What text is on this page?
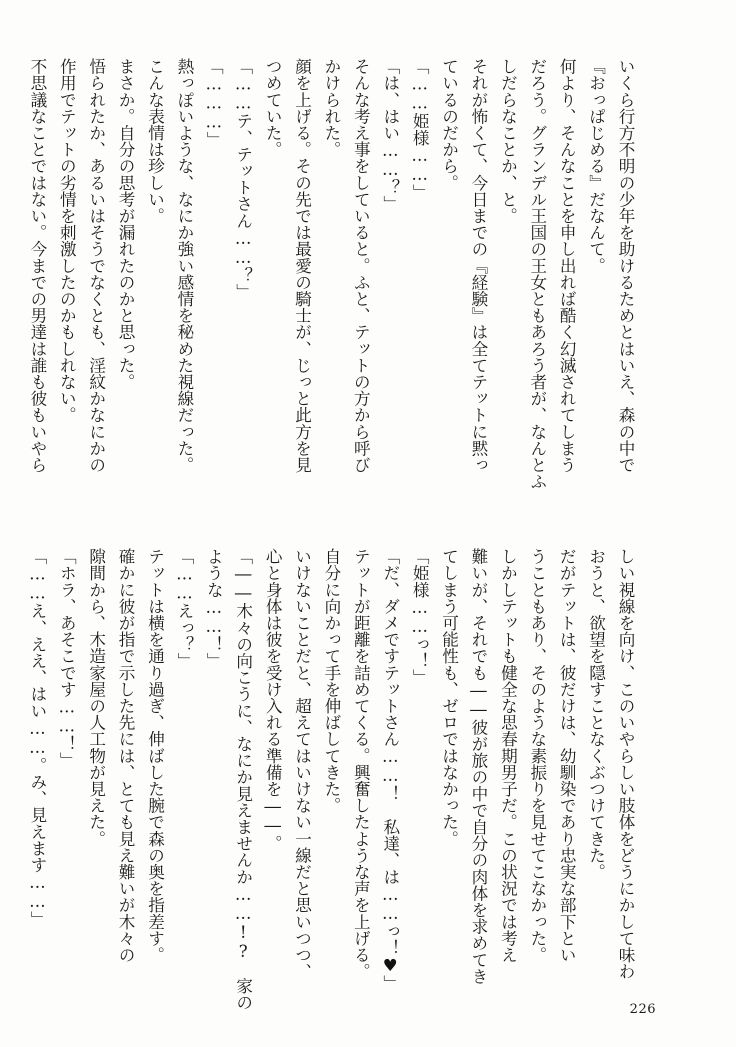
いくら行方不明の少年を助けるためとはいえ、森の中で
『おっぱじめる』だなんて。
何より、そんなことを申し出れば酷く幻滅されてしまう
だろう。グランデル王国の王女ともあろう者が、なんとふ
しだらなことか、と。
それが怖くて、今日までの『経験』は全てテットに黙っ
ているのだから。
「……姫様……」
「は、はい……？」
そんな考え事をしていると。ふと、テットの方から呼び
かけられた。
顔を上げる。その先では最愛の騎士が、じっと此方を見
つめていた。
「……テ、テットさん……？」
「………」
熱っぽいような、なにか強い感情を秘めた視線だった。
こんな表情は珍しい。
まさか。自分の思考が漏れたのかと思った。
悟られたか、あるいはそうでなくとも、淫紋かなにかの
作用でテットの劣情を刺激したのかもしれない。
不思議なことではない。今までの男達は誰も彼もいやら
しい視線を向け、このいやらしい肢体をどうにかして味わ
おうと、欲望を隠すことなくぶつけてきた。
だがテットは、彼だけは、幼馴染であり忠実な部下とい
うこともあり、そのような素振りを見せてこなかった。
しかしテットも健全な思春期男子だ。この状況では考え
難いが、それでも――彼が旅の中で自分の肉体を求めてき
てしまう可能性も、ゼロではなかった。
「姫様……っ！」
「だ、ダメですテットさん……！　私達、は……っ！♥」
テットが距離を詰めてくる。興奮したような声を上げる。
自分に向かって手を伸ばしてきた。
いけないことだと、超えてはいけない一線だと思いつつ、
心と身体は彼を受け入れる準備を――。
「――木々の向こうに、なにか見えませんか……!?　家の
ような……！」
「……えっ？」
テットは横を通り過ぎ、伸ばした腕で森の奥を指差す。
確かに彼が指で示した先には、とても見え難いが木々の
隙間から、木造家屋の人工物が見えた。
「ホラ、あそこです……！」
「……え、ええ、はい……。み、見えます……」
226
